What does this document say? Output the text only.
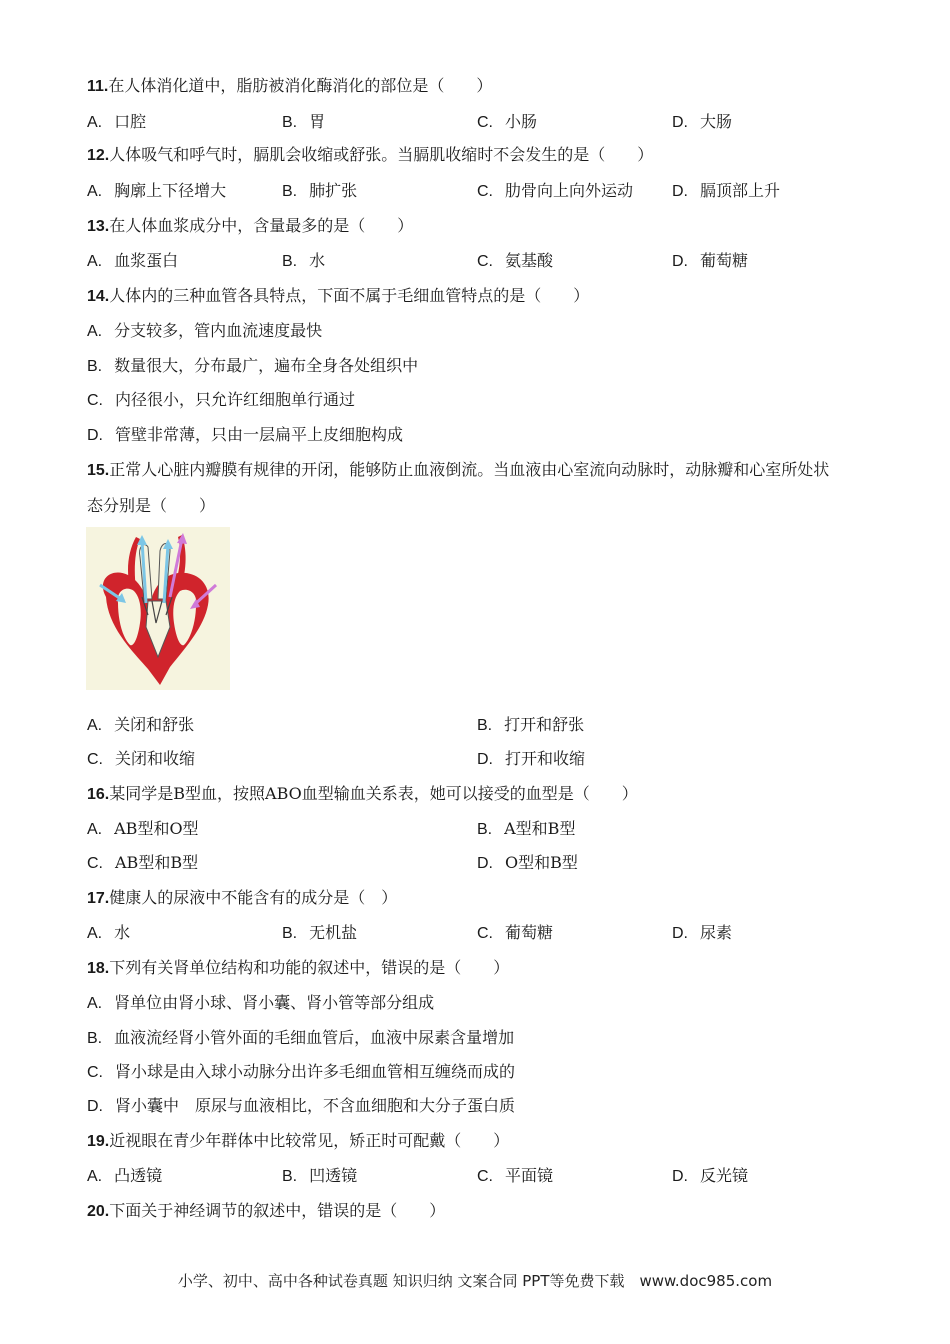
11.在人体消化道中，脂肪被消化酶消化的部位是（　　）
A. 口腔	B. 胃	C. 小肠	D. 大肠
12.人体吸气和呼气时，膈肌会收缩或舒张。当膈肌收缩时不会发生的是（　　）
A. 胸廓上下径增大	B. 肺扩张	C. 肋骨向上向外运动 D. 膈顶部上升
13.在人体血浆成分中，含量最多的是（　　）
A. 血浆蛋白	B. 水	C. 氨基酸	D. 葡萄糖
14.人体内的三种血管各具特点，下面不属于毛细血管特点的是（　　）
A. 分支较多，管内血流速度最快
B. 数量很大，分布最广，遍布全身各处组织中
C. 内径很小，只允许红细胞单行通过
D. 管壁非常薄，只由一层扁平上皮细胞构成
15.正常人心脏内瓣膜有规律的开闭，能够防止血液倒流。当血液由心室流向动脉时，动脉瓣和心室所处状
态分别是（　　）
A. 关闭和舒张	B. 打开和舒张
C. 关闭和收缩	D. 打开和收缩
16.某同学是B型血，按照ABO血型输血关系表，她可以接受的血型是（　　）
A. AB型和O型	B. A型和B型
C. AB型和B型	D. O型和B型
17.健康人的尿液中不能含有的成分是（　）
A. 水	B. 无机盐	C. 葡萄糖	D. 尿素
18.下列有关肾单位结构和功能的叙述中，错误的是（　　）
A. 肾单位由肾小球、肾小囊、肾小管等部分组成
B. 血液流经肾小管外面的毛细血管后，血液中尿素含量增加
C. 肾小球是由入球小动脉分出许多毛细血管相互缠绕而成的
D. 肾小囊中　原尿与血液相比，不含血细胞和大分子蛋白质
19.近视眼在青少年群体中比较常见，矫正时可配戴（　　）
A. 凸透镜	B. 凹透镜	C. 平面镜	D. 反光镜
20.下面关于神经调节的叙述中，错误的是（　　）
小学、初中、高中各种试卷真题 知识归纳 文案合同 PPT等免费下载　www.doc985.com
